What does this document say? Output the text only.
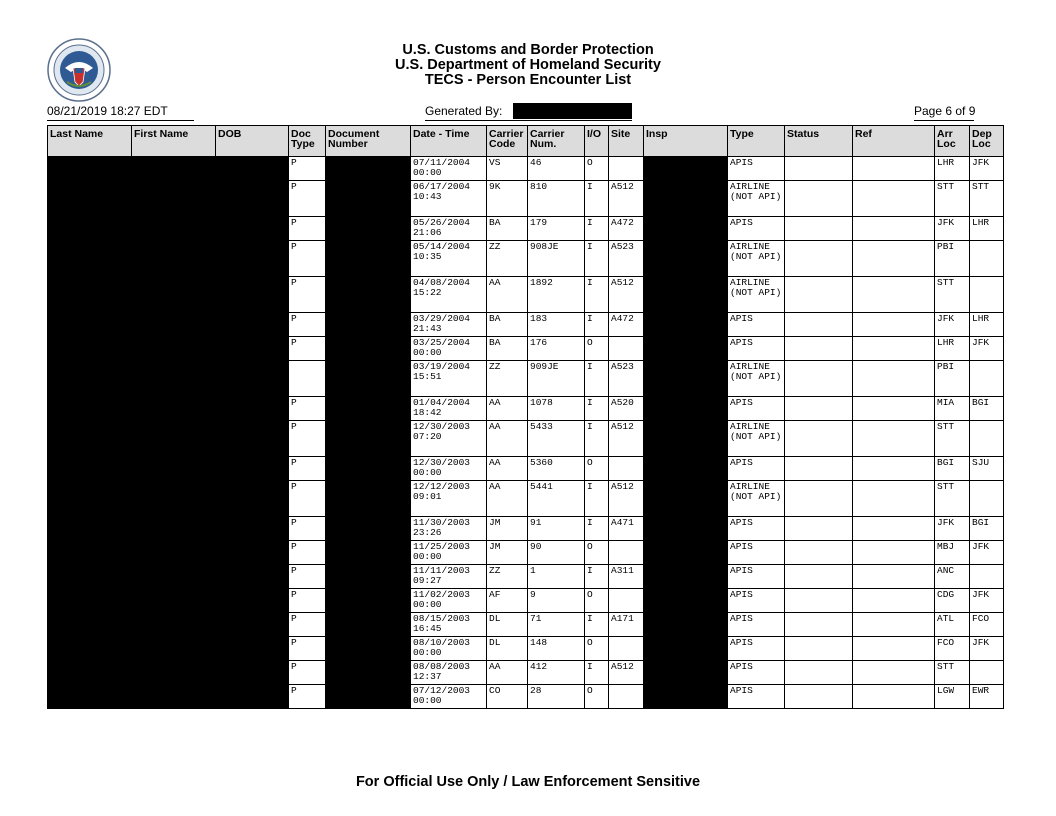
U.S. Customs and Border Protection
U.S. Department of Homeland Security
TECS - Person Encounter List
08/21/2019 18:27 EDT	Generated By:	Page 6 of 9
Last Name	First Name	DOB	Doc Type	Document Number	Date - Time	Carrier Code	Carrier Num.	I/O	Site	Insp	Type	Status	Ref	Arr Loc	Dep Loc
			P		07/11/2004 00:00	VS	46	O			APIS			LHR	JFK
			P		06/17/2004 10:43	9K	810	I	A512		AIRLINE (NOT API)			STT	STT
			P		05/26/2004 21:06	BA	179	I	A472		APIS			JFK	LHR
			P		05/14/2004 10:35	ZZ	908JE	I	A523		AIRLINE (NOT API)			PBI	
			P		04/08/2004 15:22	AA	1892	I	A512		AIRLINE (NOT API)			STT	
			P		03/29/2004 21:43	BA	183	I	A472		APIS			JFK	LHR
			P		03/25/2004 00:00	BA	176	O			APIS			LHR	JFK
					03/19/2004 15:51	ZZ	909JE	I	A523		AIRLINE (NOT API)			PBI	
			P		01/04/2004 18:42	AA	1078	I	A520		APIS			MIA	BGI
			P		12/30/2003 07:20	AA	5433	I	A512		AIRLINE (NOT API)			STT	
			P		12/30/2003 00:00	AA	5360	O			APIS			BGI	SJU
			P		12/12/2003 09:01	AA	5441	I	A512		AIRLINE (NOT API)			STT	
			P		11/30/2003 23:26	JM	91	I	A471		APIS			JFK	BGI
			P		11/25/2003 00:00	JM	90	O			APIS			MBJ	JFK
			P		11/11/2003 09:27	ZZ	1	I	A311		APIS			ANC	
			P		11/02/2003 00:00	AF	9	O			APIS			CDG	JFK
			P		08/15/2003 16:45	DL	71	I	A171		APIS			ATL	FCO
			P		08/10/2003 00:00	DL	148	O			APIS			FCO	JFK
			P		08/08/2003 12:37	AA	412	I	A512		APIS			STT	
			P		07/12/2003 00:00	CO	28	O			APIS			LGW	EWR
For Official Use Only / Law Enforcement Sensitive
